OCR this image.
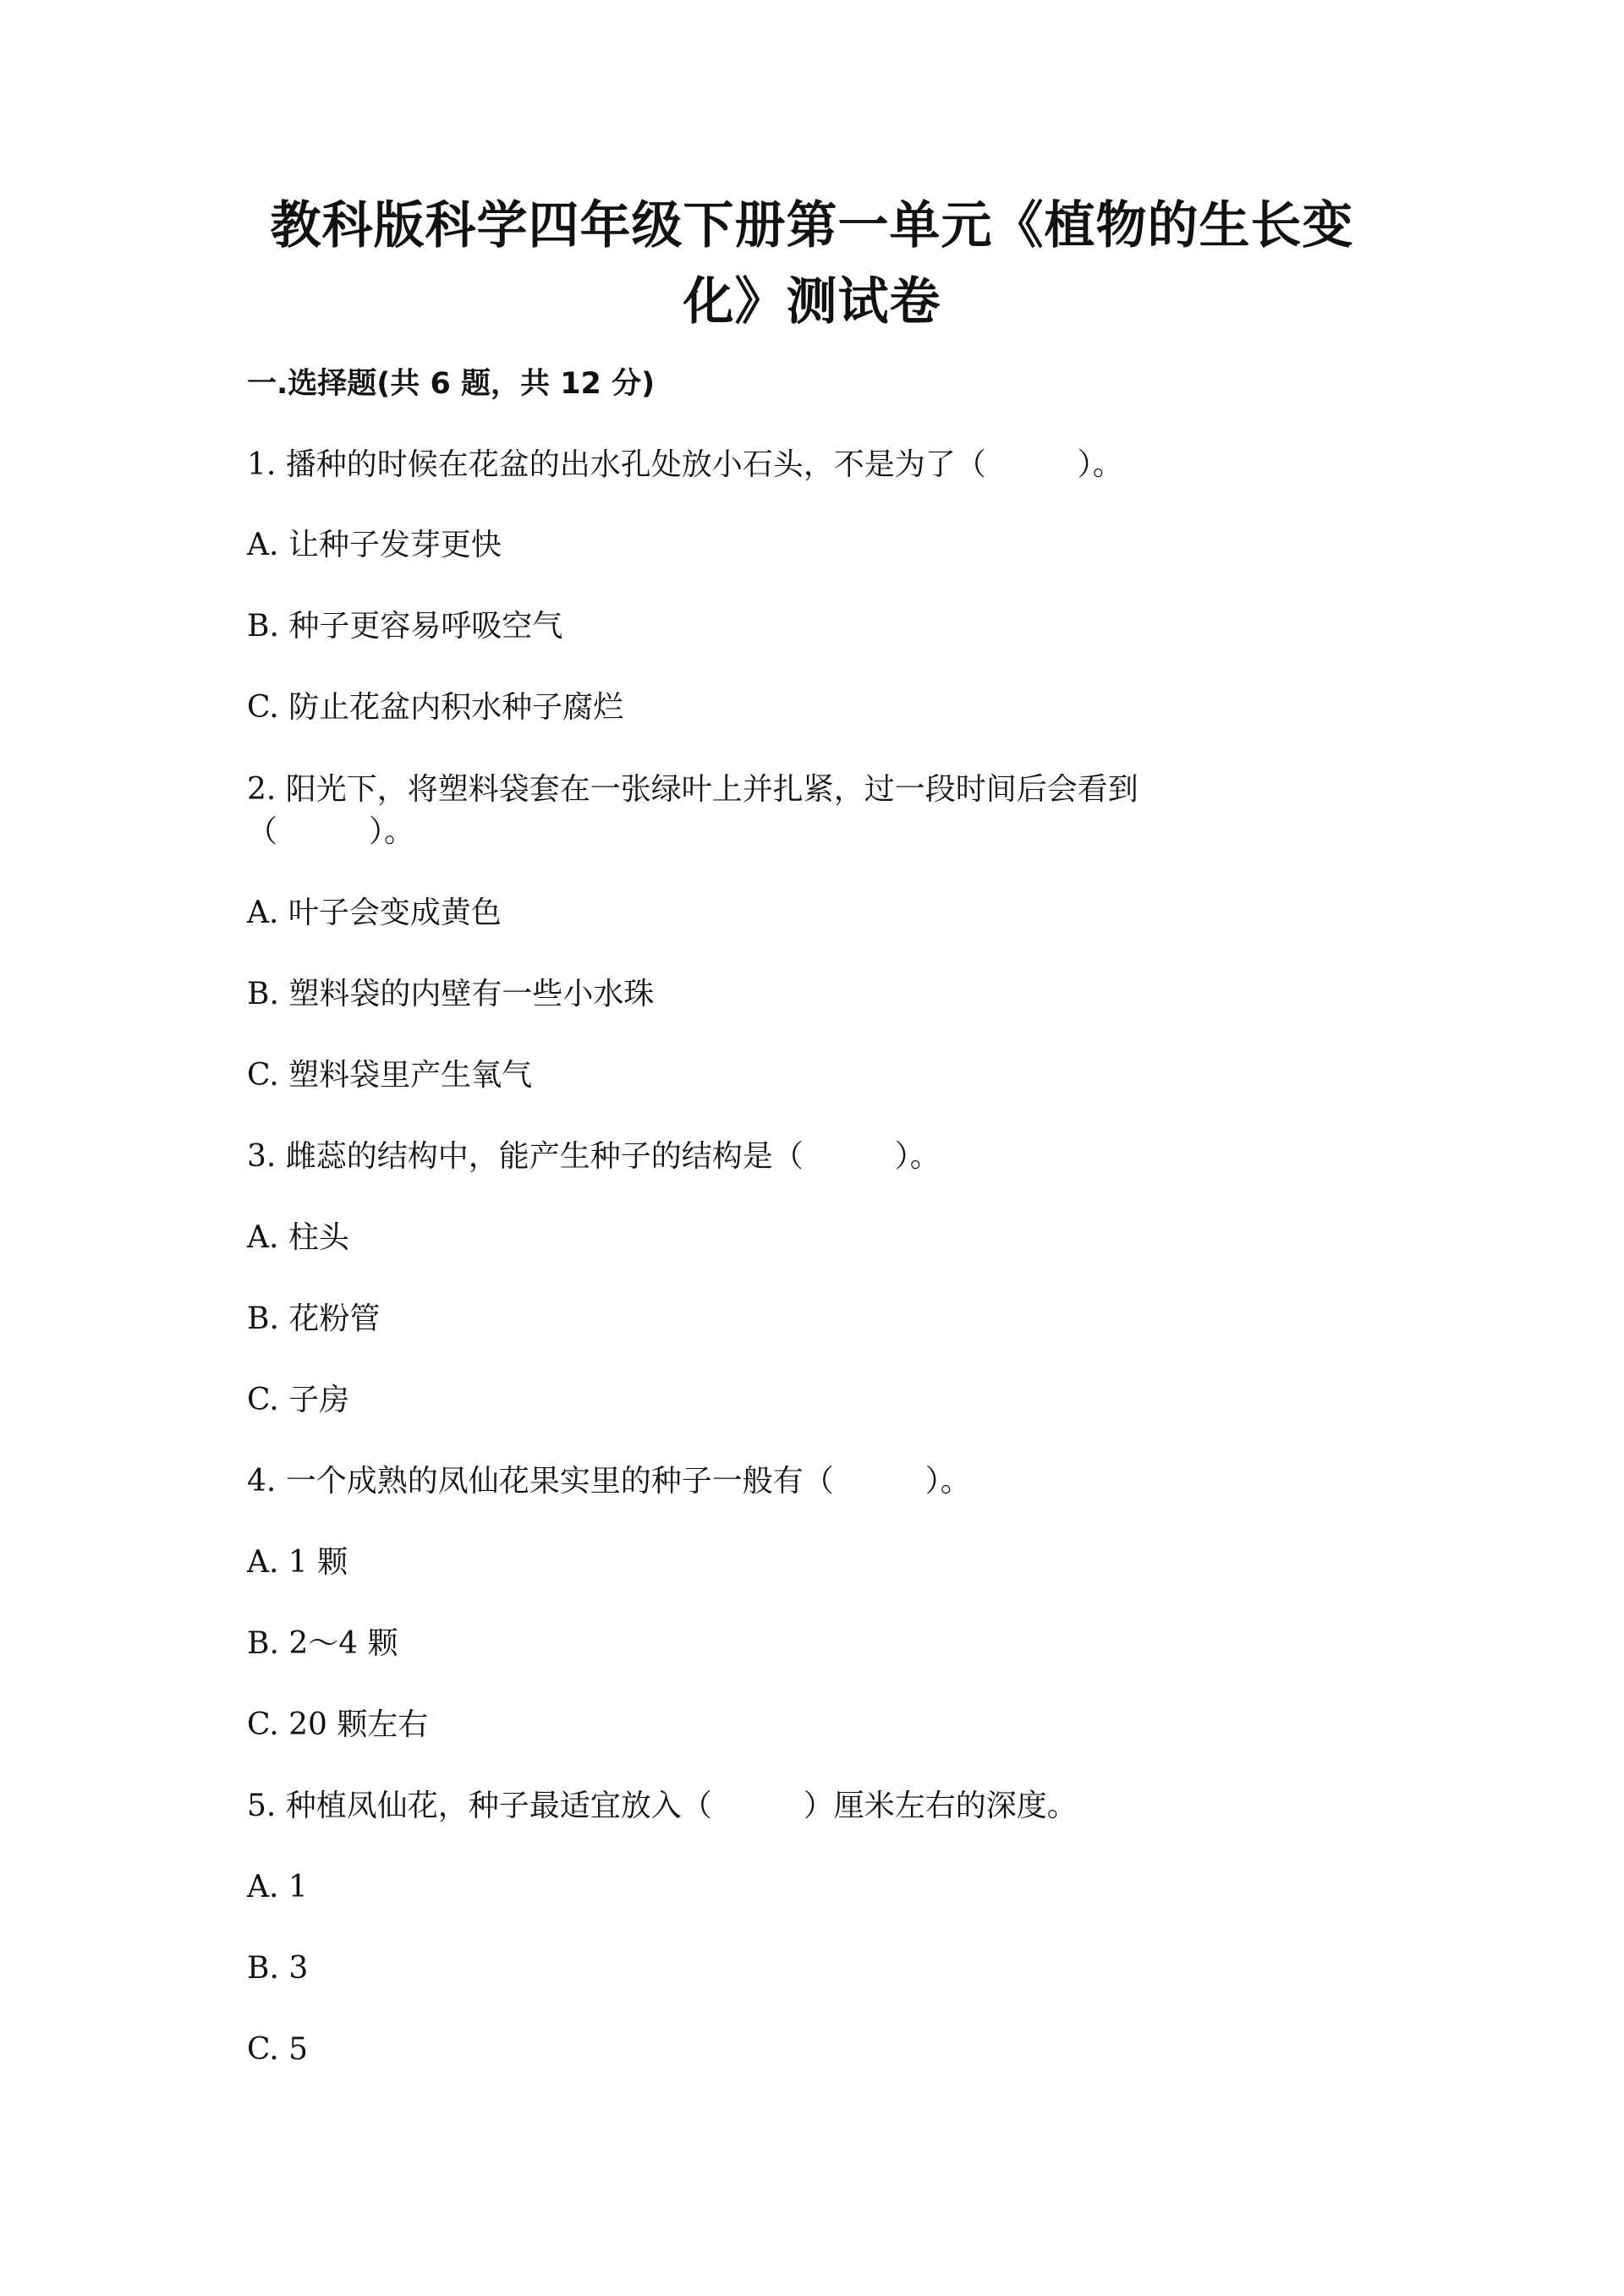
教科版科学四年级下册第一单元《植物的生长变
化》测试卷
一.选择题(共 6 题，共 12 分)

1. 播种的时候在花盆的出水孔处放小石头，不是为了（　　　）。

A. 让种子发芽更快

B. 种子更容易呼吸空气

C. 防止花盆内积水种子腐烂

2. 阳光下，将塑料袋套在一张绿叶上并扎紧，过一段时间后会看到
（　　　）。

A. 叶子会变成黄色

B. 塑料袋的内壁有一些小水珠

C. 塑料袋里产生氧气

3. 雌蕊的结构中，能产生种子的结构是（　　　）。

A. 柱头

B. 花粉管

C. 子房

4. 一个成熟的凤仙花果实里的种子一般有（　　　）。

A. 1 颗

B. 2～4 颗

C. 20 颗左右

5. 种植凤仙花，种子最适宜放入（　　　）厘米左右的深度。

A. 1

B. 3

C. 5
